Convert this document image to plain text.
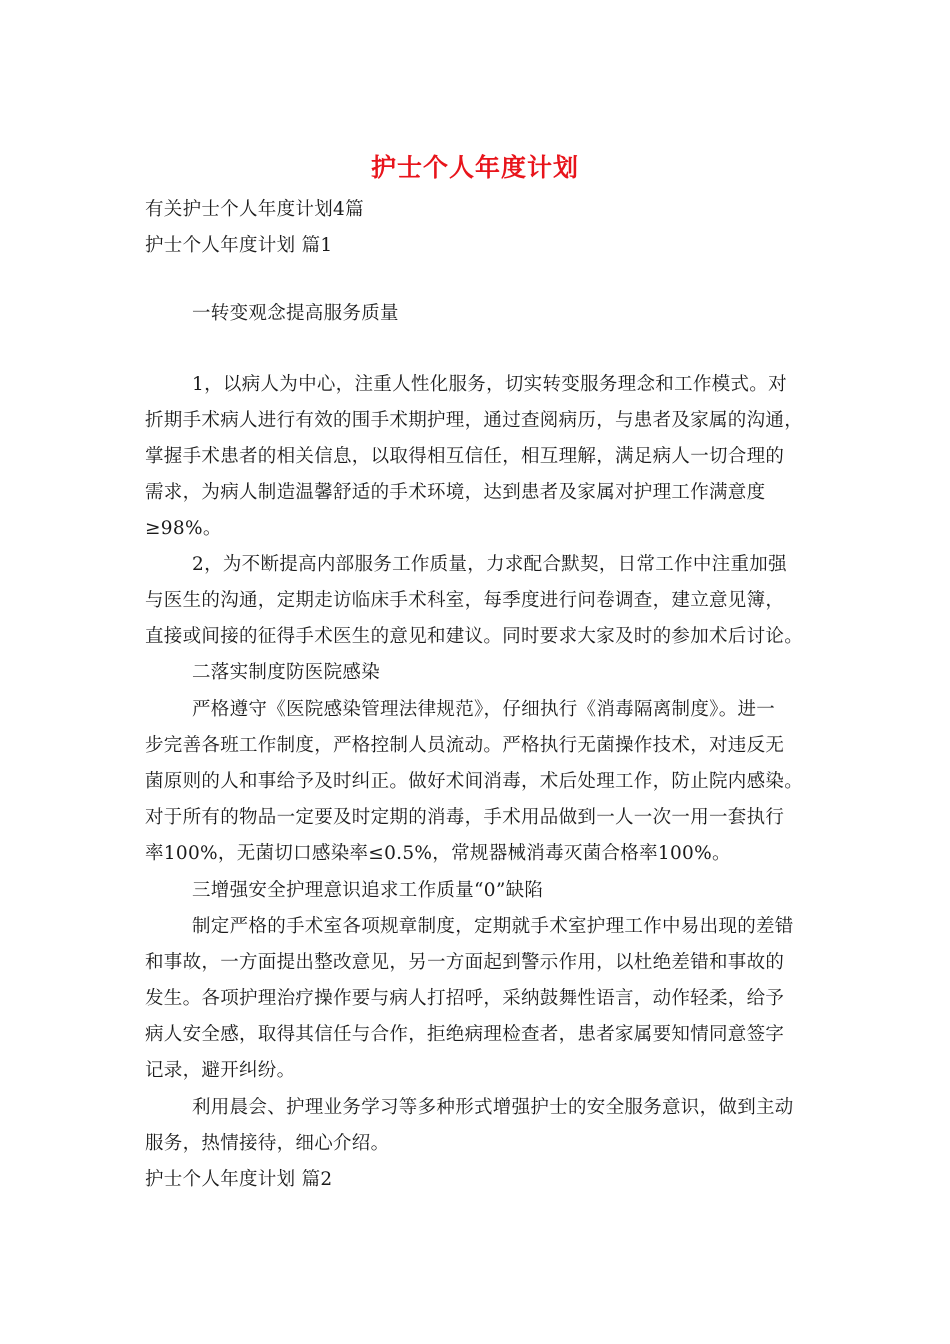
护士个人年度计划
有关护士个人年度计划4篇
护士个人年度计划 篇1
一转变观念提高服务质量
1，以病人为中心，注重人性化服务，切实转变服务理念和工作模式。对
折期手术病人进行有效的围手术期护理，通过查阅病历，与患者及家属的沟通，
掌握手术患者的相关信息，以取得相互信任，相互理解，满足病人一切合理的
需求，为病人制造温馨舒适的手术环境，达到患者及家属对护理工作满意度
≥98%。
2，为不断提高内部服务工作质量，力求配合默契，日常工作中注重加强
与医生的沟通，定期走访临床手术科室，每季度进行问卷调查，建立意见簿，
直接或间接的征得手术医生的意见和建议。同时要求大家及时的参加术后讨论。
二落实制度防医院感染
严格遵守《医院感染管理法律规范》，仔细执行《消毒隔离制度》。进一
步完善各班工作制度，严格控制人员流动。严格执行无菌操作技术，对违反无
菌原则的人和事给予及时纠正。做好术间消毒，术后处理工作，防止院内感染。
对于所有的物品一定要及时定期的消毒，手术用品做到一人一次一用一套执行
率100%，无菌切口感染率≤0.5%，常规器械消毒灭菌合格率100%。
三增强安全护理意识追求工作质量“0”缺陷
制定严格的手术室各项规章制度，定期就手术室护理工作中易出现的差错
和事故，一方面提出整改意见，另一方面起到警示作用，以杜绝差错和事故的
发生。各项护理治疗操作要与病人打招呼，采纳鼓舞性语言，动作轻柔，给予
病人安全感，取得其信任与合作，拒绝病理检查者，患者家属要知情同意签字
记录，避开纠纷。
利用晨会、护理业务学习等多种形式增强护士的安全服务意识，做到主动
服务，热情接待，细心介绍。
护士个人年度计划 篇2
